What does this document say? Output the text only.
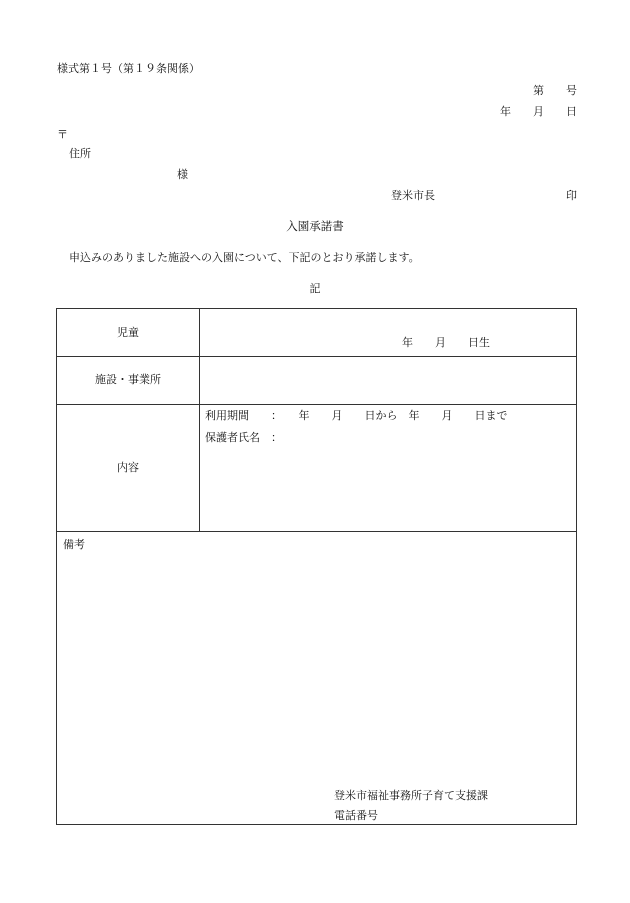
様式第１号（第１９条関係）
第　　号
年　　月　　日
〒
住所
様
登米市長	印
入園承諾書
申込みのありました施設への入園について、下記のとおり承諾します。
記
児童
年　　月　　日生
施設・事業所
内容
利用期間　　：　　年　　月　　日から　年　　月　　日まで
保護者氏名　：
備考
登米市福祉事務所子育て支援課
電話番号
